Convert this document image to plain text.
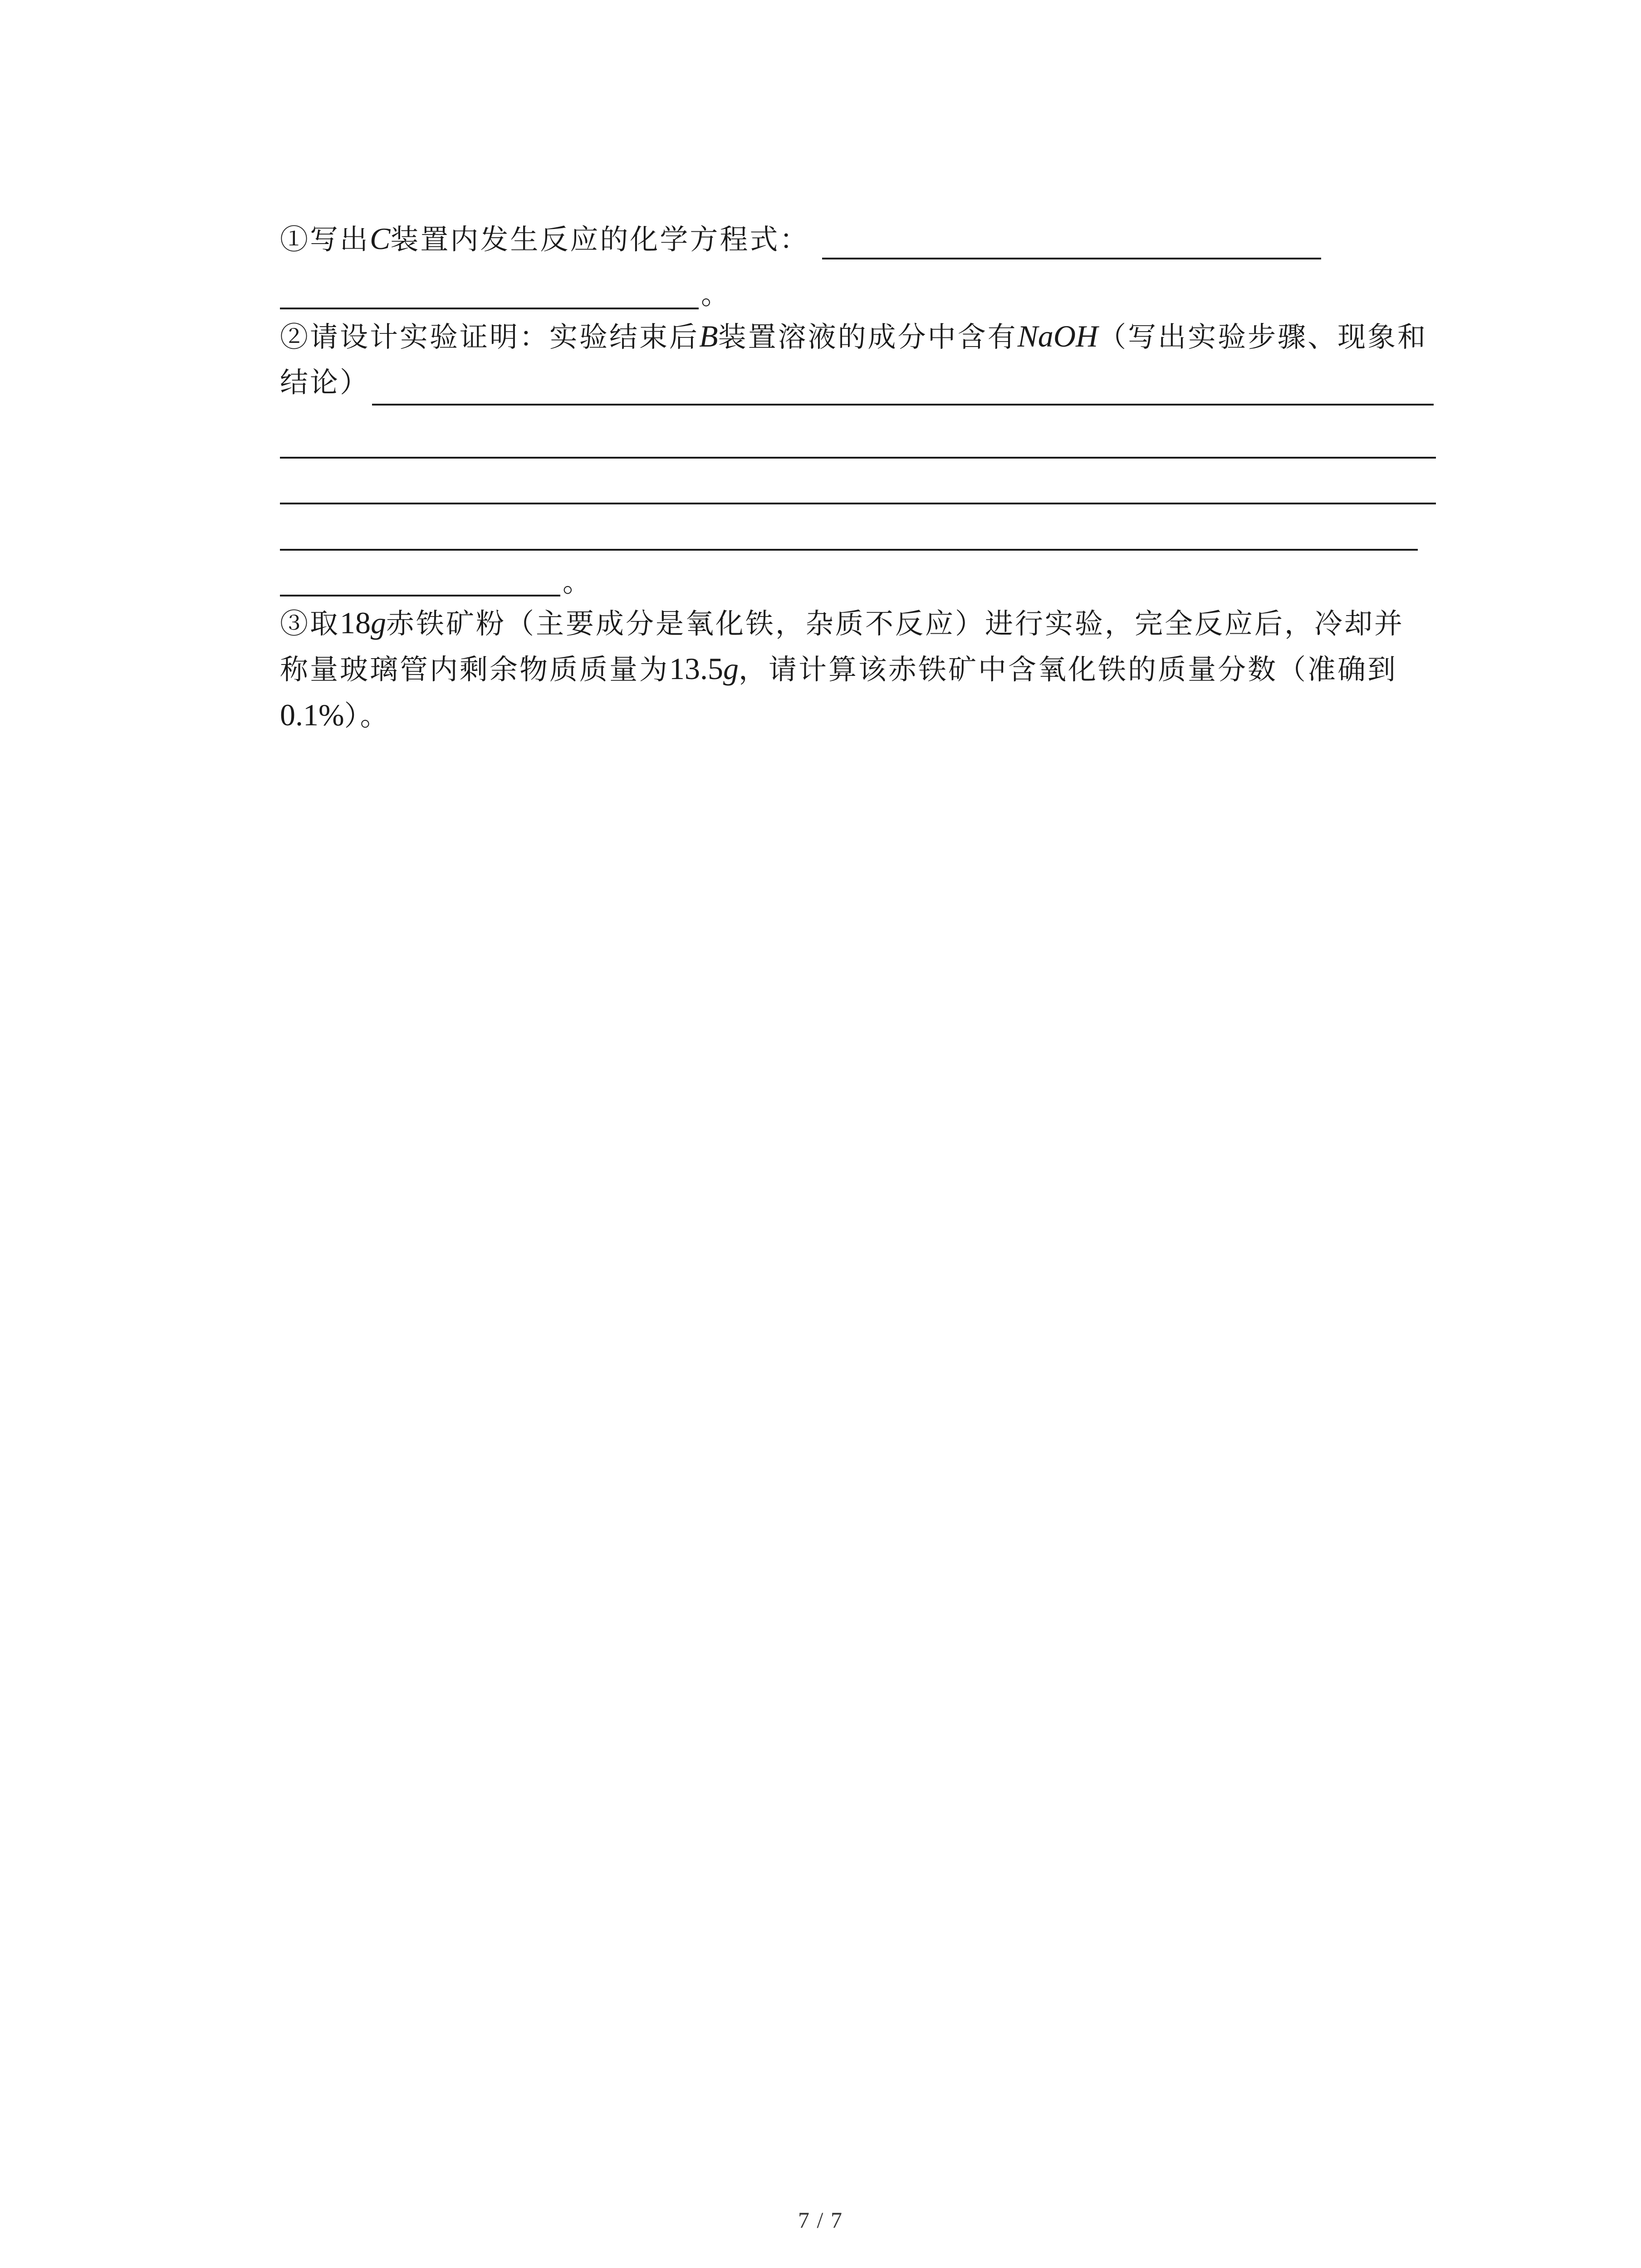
①写出C装置内发生反应的化学方程式：
。
②请设计实验证明：实验结束后B装置溶液的成分中含有NaOH（写出实验步骤、现象和
结论）
。
③取18g赤铁矿粉（主要成分是氧化铁，杂质不反应）进行实验，完全反应后，冷却并
称量玻璃管内剩余物质质量为13.5g，请计算该赤铁矿中含氧化铁的质量分数（准确到
0.1%）。
7 / 7
